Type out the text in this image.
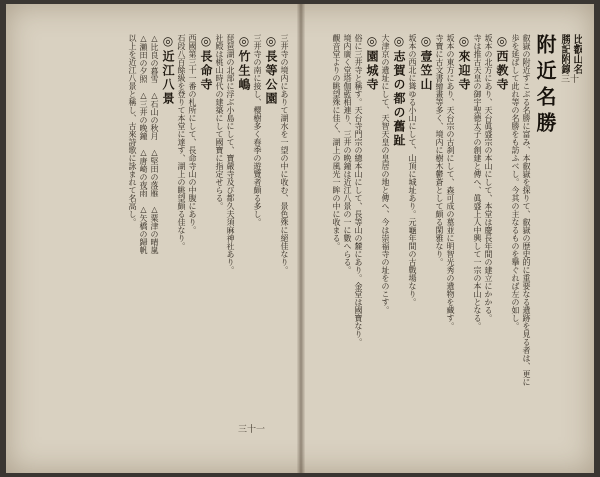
比叡山名
勝記附錄
附近名勝
叡嶽の附近すこぶる名勝に富み、本叡嶽を探りて、叡嶽の歴史的に重要なる遺跡を見る者は、更に
歩を延ばして此れ等の名勝をも訪ふべし。今其の主なるものを擧ぐれば左の如し。
◎西教寺
坂本の北方にあり、天台眞盛宗の本山にして、本堂は慶長年間の建立にかかる。
寺は推古天皇の御宇聖德太子の創建と傳へ、眞盛上人中興して一宗の本山となる。
◎來迎寺
坂本の東方にあり、天台宗の古刹にして、森可成の墓並に明智光秀の遺物を藏す。
寺寶に古文書繪畫等多く、境内に樹木鬱蒼として頗る閑雅なり。
◎壹笠山
坂本の西北に聳ゆる小山にして、山頂に城址あり。元龜年間の古戰場なり。
◎志賀の都の舊趾
大津京の遺址にして、天智天皇の皇居の地と傳へ、今は崇福寺の址をのこす。
◎園城寺
俗に三井寺と稱す。天台寺門宗の總本山にして、長等山の麓にあり。金堂は國寶なり。
境内廣く堂塔伽藍相連り、三井の晩鐘は近江八景の一に數へらる。
觀音堂よりの眺望殊に佳く、湖上の風光一眸の中に收まる。	三十
三井寺の境内にありて湖水を一望の中に收む、景色殊に絕佳なり。
◎長等公園
三井寺の南に接し、櫻樹多く春季の遊覽者頗る多し。
◎竹生嶋
琵琶湖の北部に浮ぶ小島にして、寶嚴寺及び都久夫須麻神社あり。
社殿は桃山時代の建築にして國寶に指定せらる。
◎長命寺
西國第三十一番の札所にして、長命寺山の中腹にあり。
石段八百餘級を登りて本堂に達す、湖上の眺望頗る佳なり。
◎近江八景
△比良の暮雪　△石山の秋月　△堅田の落雁　△粟津の晴嵐
△瀨田の夕照　△三井の晚鐘　△唐崎の夜雨　△矢橋の歸帆
以上を近江八景と稱し、古來詩歌に詠まれて名高し。
三十一
